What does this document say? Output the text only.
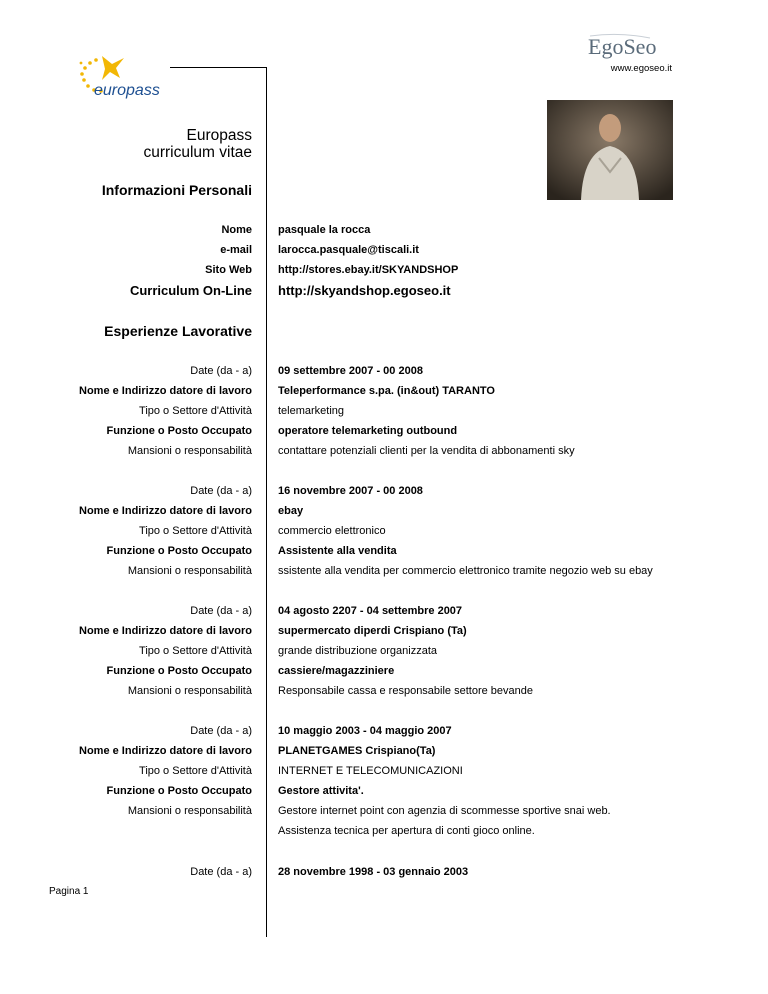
EgoSeo
www.egoseo.it
europass
Europass
curriculum vitae
Informazioni Personali
Nome pasquale la rocca
e-mail larocca.pasquale@tiscali.it
Sito Web http://stores.ebay.it/SKYANDSHOP
Curriculum On-Line http://skyandshop.egoseo.it
Esperienze Lavorative
Date (da - a) 09 settembre 2007 - 00 2008
Nome e Indirizzo datore di lavoro Teleperformance s.pa. (in&out) TARANTO
Tipo o Settore d'Attività telemarketing
Funzione o Posto Occupato operatore telemarketing outbound
Mansioni o responsabilità contattare potenziali clienti per la vendita di abbonamenti sky
Date (da - a) 16 novembre 2007 - 00 2008
Nome e Indirizzo datore di lavoro ebay
Tipo o Settore d'Attività commercio elettronico
Funzione o Posto Occupato Assistente alla vendita
Mansioni o responsabilità ssistente alla vendita per commercio elettronico tramite negozio web su ebay
Date (da - a) 04 agosto 2207 - 04 settembre 2007
Nome e Indirizzo datore di lavoro supermercato diperdi Crispiano (Ta)
Tipo o Settore d'Attività grande distribuzione organizzata
Funzione o Posto Occupato cassiere/magazziniere
Mansioni o responsabilità Responsabile cassa e responsabile settore bevande
Date (da - a) 10 maggio 2003 - 04 maggio 2007
Nome e Indirizzo datore di lavoro PLANETGAMES Crispiano(Ta)
Tipo o Settore d'Attività INTERNET E TELECOMUNICAZIONI
Funzione o Posto Occupato Gestore attivita'.
Mansioni o responsabilità Gestore internet point con agenzia di scommesse sportive snai web.
Assistenza tecnica per apertura di conti gioco online.
Date (da - a) 28 novembre 1998 - 03 gennaio 2003
Pagina 1
